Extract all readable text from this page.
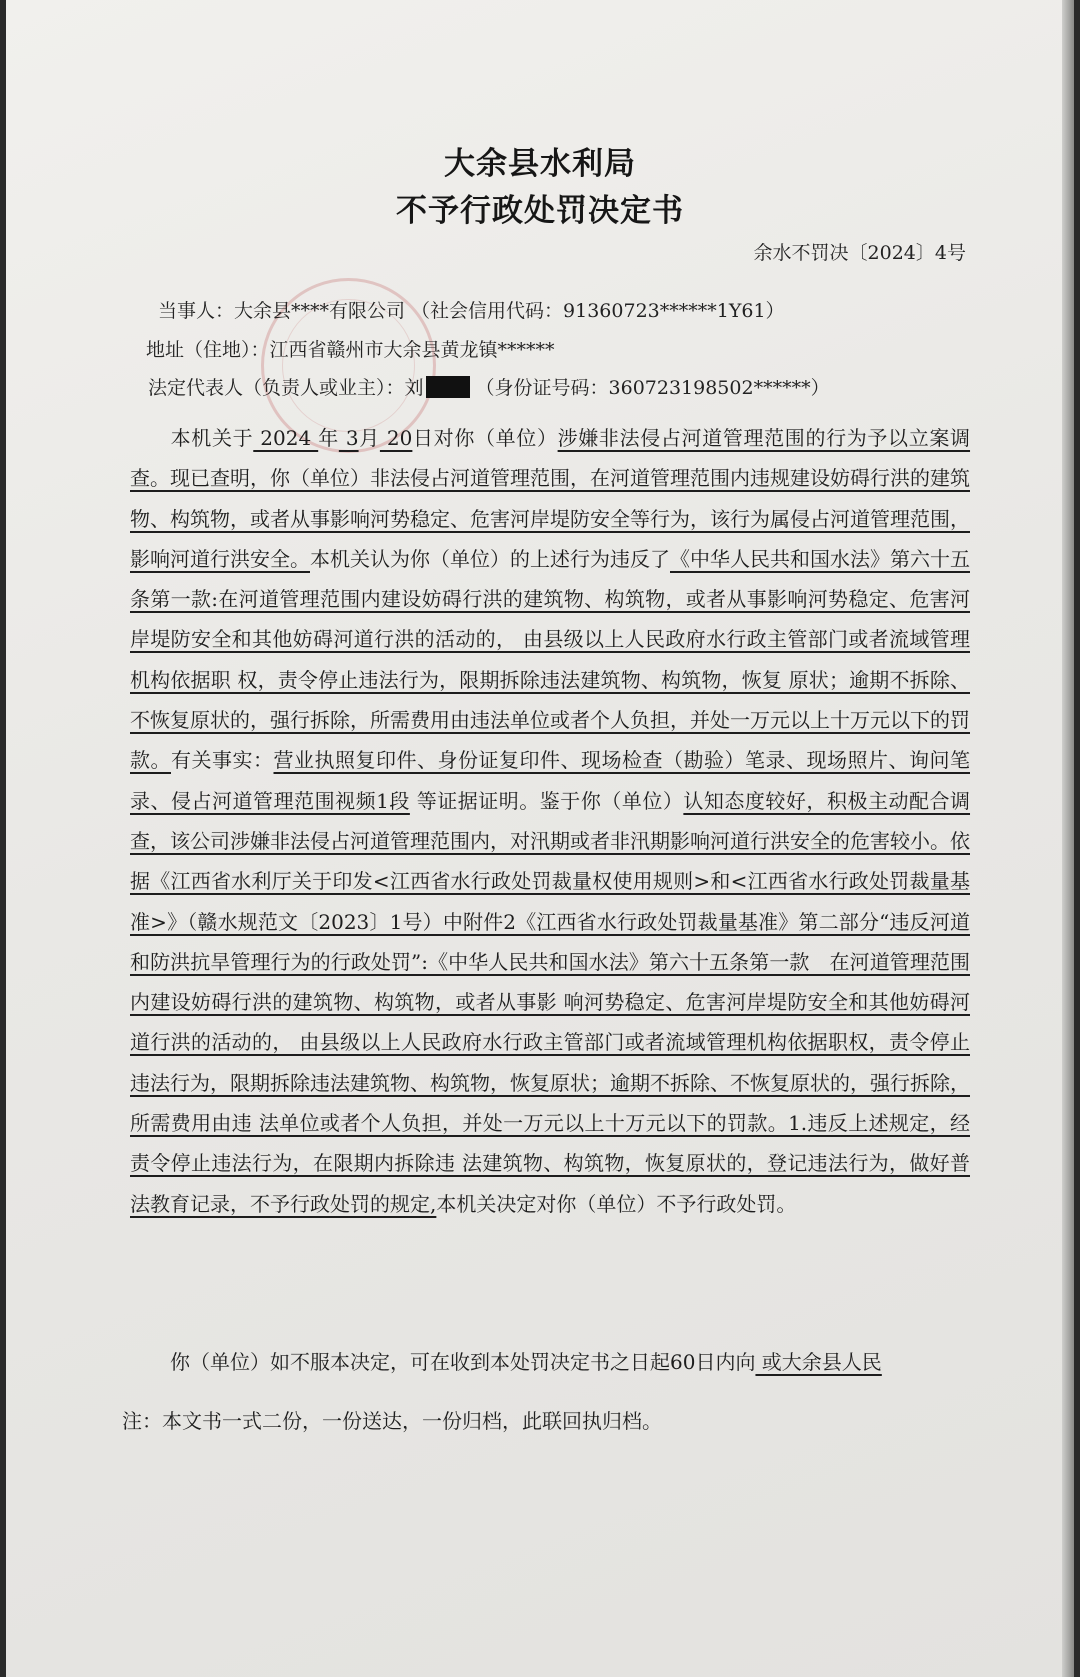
大余县水利局
不予行政处罚决定书
余水不罚决〔2024〕4号
当事人：大余县****有限公司 （社会信用代码：91360723******1Y61）
地址（住地）：江西省赣州市大余县黄龙镇******
法定代表人（负责人或业主）：刘	（身份证号码：360723198502******）
  本机关于 2024 年 3月 20日对你（单位）涉嫌非法侵占河道管理范围的行为予以立案调查。现已查明，你（单位）非法侵占河道管理范围，在河道管理范围内违规建设妨碍行洪的建筑物、构筑物，或者从事影响河势稳定、危害河岸堤防安全等行为，该行为属侵占河道管理范围，影响河道行洪安全。本机关认为你（单位）的上述行为违反了《中华人民共和国水法》第六十五条第一款:在河道管理范围内建设妨碍行洪的建筑物、构筑物，或者从事影响河势稳定、危害河岸堤防安全和其他妨碍河道行洪的活动的， 由县级以上人民政府水行政主管部门或者流域管理机构依据职 权，责令停止违法行为，限期拆除违法建筑物、构筑物，恢复 原状；逾期不拆除、不恢复原状的，强行拆除，所需费用由违法单位或者个人负担，并处一万元以上十万元以下的罚款。有关事实：营业执照复印件、身份证复印件、现场检查（勘验）笔录、现场照片、询问笔录、侵占河道管理范围视频1段 等证据证明。鉴于你（单位）认知态度较好，积极主动配合调查，该公司涉嫌非法侵占河道管理范围内，对汛期或者非汛期影响河道行洪安全的危害较小。依据《江西省水利厅关于印发<江西省水行政处罚裁量权使用规则>和<江西省水行政处罚裁量基准>》（赣水规范文〔2023〕1号）中附件2《江西省水行政处罚裁量基准》第二部分“违反河道和防洪抗旱管理行为的行政处罚”:《中华人民共和国水法》第六十五条第一款　在河道管理范围内建设妨碍行洪的建筑物、构筑物，或者从事影 响河势稳定、危害河岸堤防安全和其他妨碍河道行洪的活动的， 由县级以上人民政府水行政主管部门或者流域管理机构依据职权，责令停止违法行为，限期拆除违法建筑物、构筑物，恢复原状；逾期不拆除、不恢复原状的，强行拆除，所需费用由违 法单位或者个人负担，并处一万元以上十万元以下的罚款。1.违反上述规定，经责令停止违法行为，在限期内拆除违 法建筑物、构筑物，恢复原状的，登记违法行为，做好普法教育记录，不予行政处罚的规定,本机关决定对你（单位）不予行政处罚。
  你（单位）如不服本决定，可在收到本处罚决定书之日起60日内向 或大余县人民
注：本文书一式二份，一份送达，一份归档，此联回执归档。
